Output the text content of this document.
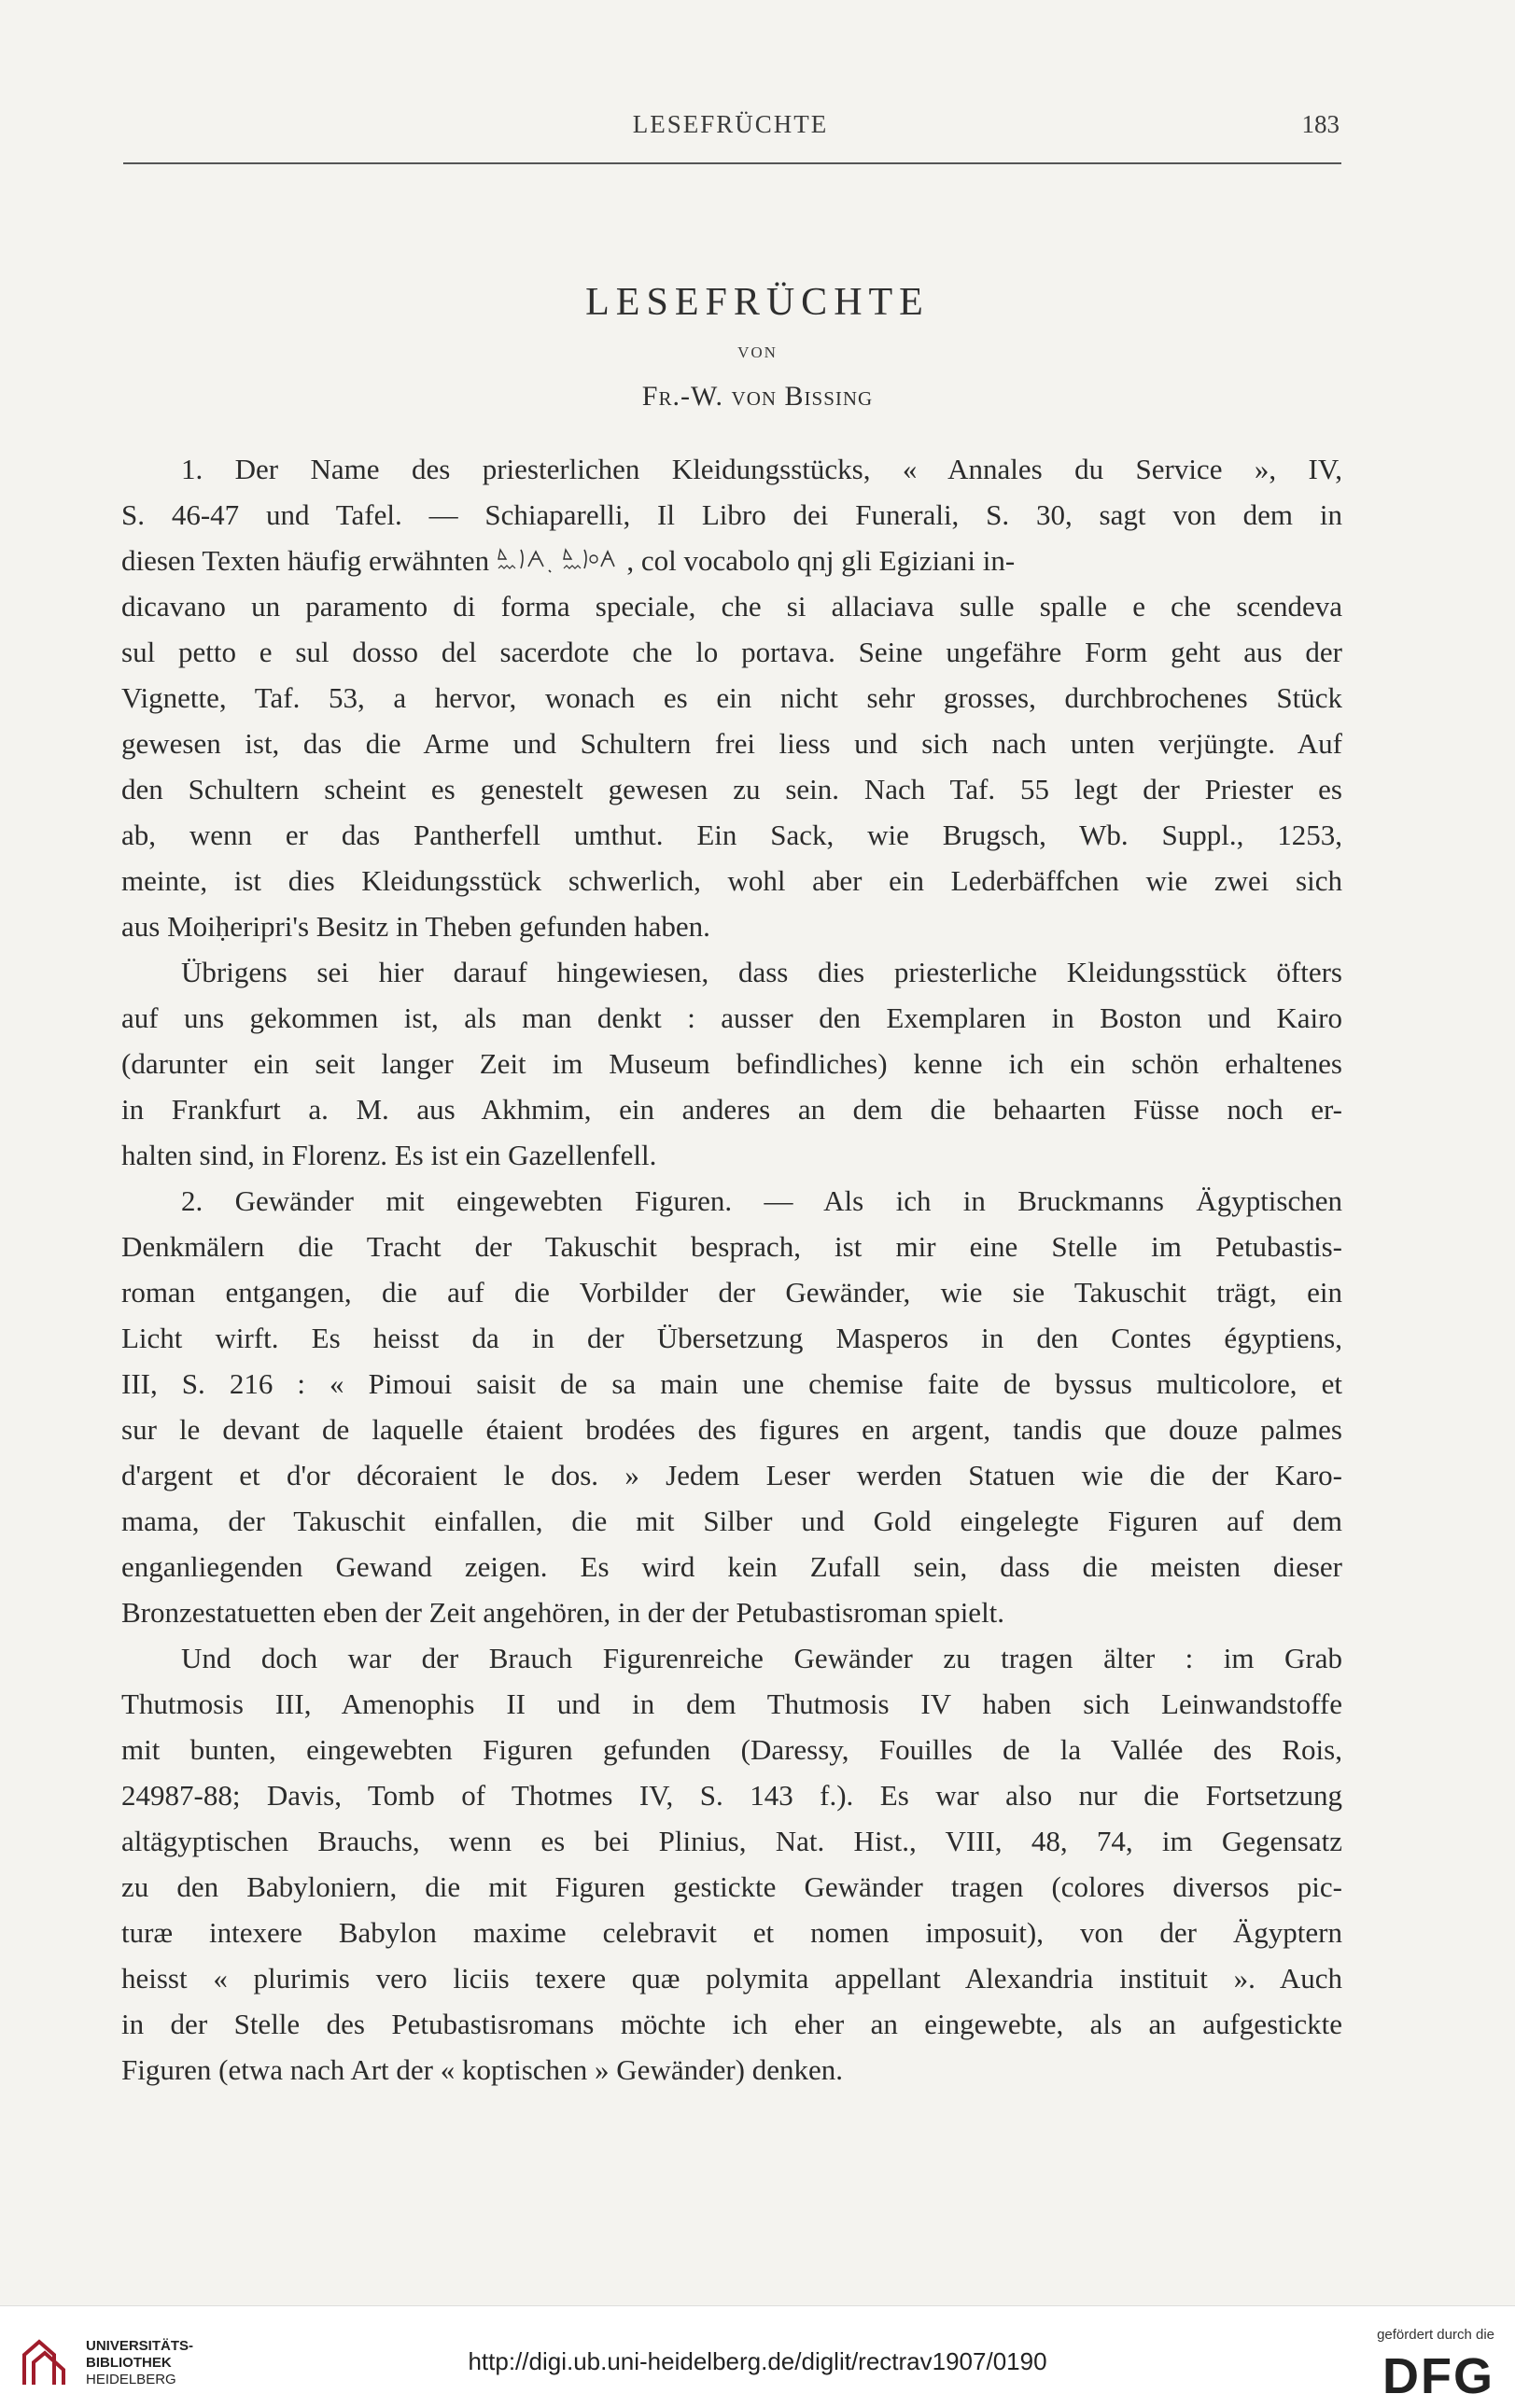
LESEFRÜCHTE	183
LESEFRÜCHTE
VON
Fr.-W. von Bissing
1. Der Name des priesterlichen Kleidungsstücks, « Annales du Service », IV,
S. 46-47 und Tafel. — Schiaparelli, Il Libro dei Funerali, S. 30, sagt von dem in
diesen Texten häufig erwähnten	, col vocabolo qnj gli Egiziani in-
dicavano un paramento di forma speciale, che si allaciava sulle spalle e che scendeva
sul petto e sul dosso del sacerdote che lo portava. Seine ungefähre Form geht aus der
Vignette, Taf. 53, a hervor, wonach es ein nicht sehr grosses, durchbrochenes Stück
gewesen ist, das die Arme und Schultern frei liess und sich nach unten verjüngte. Auf
den Schultern scheint es genestelt gewesen zu sein. Nach Taf. 55 legt der Priester es
ab, wenn er das Pantherfell umthut. Ein Sack, wie Brugsch, Wb. Suppl., 1253,
meinte, ist dies Kleidungsstück schwerlich, wohl aber ein Lederbäffchen wie zwei sich
aus Moiḥeripri's Besitz in Theben gefunden haben.
Übrigens sei hier darauf hingewiesen, dass dies priesterliche Kleidungsstück öfters
auf uns gekommen ist, als man denkt : ausser den Exemplaren in Boston und Kairo
(darunter ein seit langer Zeit im Museum befindliches) kenne ich ein schön erhaltenes
in Frankfurt a. M. aus Akhmim, ein anderes an dem die behaarten Füsse noch er-
halten sind, in Florenz. Es ist ein Gazellenfell.
2. Gewänder mit eingewebten Figuren. — Als ich in Bruckmanns Ägyptischen
Denkmälern die Tracht der Takuschit besprach, ist mir eine Stelle im Petubastis-
roman entgangen, die auf die Vorbilder der Gewänder, wie sie Takuschit trägt, ein
Licht wirft. Es heisst da in der Übersetzung Masperos in den Contes égyptiens,
III, S. 216 : « Pimoui saisit de sa main une chemise faite de byssus multicolore, et
sur le devant de laquelle étaient brodées des figures en argent, tandis que douze palmes
d'argent et d'or décoraient le dos. » Jedem Leser werden Statuen wie die der Karo-
mama, der Takuschit einfallen, die mit Silber und Gold eingelegte Figuren auf dem
enganliegenden Gewand zeigen. Es wird kein Zufall sein, dass die meisten dieser
Bronzestatuetten eben der Zeit angehören, in der der Petubastisroman spielt.
Und doch war der Brauch Figurenreiche Gewänder zu tragen älter : im Grab
Thutmosis III, Amenophis II und in dem Thutmosis IV haben sich Leinwandstoffe
mit bunten, eingewebten Figuren gefunden (Daressy, Fouilles de la Vallée des Rois,
24987-88; Davis, Tomb of Thotmes IV, S. 143 f.). Es war also nur die Fortsetzung
altägyptischen Brauchs, wenn es bei Plinius, Nat. Hist., VIII, 48, 74, im Gegensatz
zu den Babyloniern, die mit Figuren gestickte Gewänder tragen (colores diversos pic-
turæ intexere Babylon maxime celebravit et nomen imposuit), von der Ägyptern
heisst « plurimis vero liciis texere quæ polymita appellant Alexandria instituit ». Auch
in der Stelle des Petubastisromans möchte ich eher an eingewebte, als an aufgestickte
Figuren (etwa nach Art der « koptischen » Gewänder) denken.
UNIVERSITÄTS-
BIBLIOTHEK
HEIDELBERG
http://digi.ub.uni-heidelberg.de/diglit/rectrav1907/0190
gefördert durch die
DFG
